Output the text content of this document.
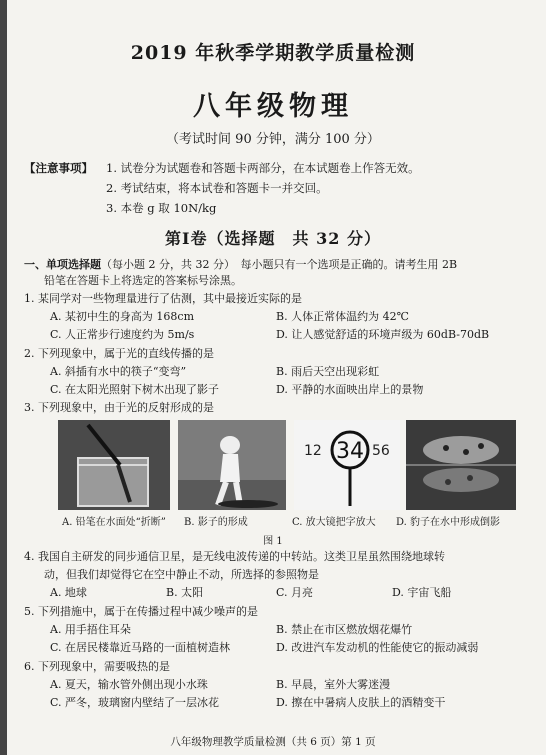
2019 年秋季学期教学质量检测
八年级物理
（考试时间 90 分钟，满分 100 分）
【注意事项】 1. 试卷分为试题卷和答题卡两部分，在本试题卷上作答无效。
2. 考试结束，将本试卷和答题卡一并交回。
3. 本卷 g 取 10N/kg
第Ⅰ卷（选择题　共 32 分）
一、单项选择题（每小题 2 分，共 32 分）　每小题只有一个选项是正确的。请考生用 2B
铅笔在答题卡上将选定的答案标号涂黑。
1. 某同学对一些物理量进行了估测，其中最接近实际的是
A. 某初中生的身高为 168cm	B. 人体正常体温约为 42℃
C. 人正常步行速度约为 5m/s	D. 让人感觉舒适的环境声级为 60dB-70dB
2. 下列现象中，属于光的直线传播的是
A. 斜插有水中的筷子“变弯”	B. 雨后天空出现彩虹
C. 在太阳光照射下树木出现了影子	D. 平静的水面映出岸上的景物
3. 下列现象中，由于光的反射形成的是
12 34 56
A. 铅笔在水面处“折断” B. 影子的形成	C. 放大镜把字放大 D. 豹子在水中形成倒影
图 1
4. 我国自主研发的同步通信卫星，是无线电波传递的中转站。这类卫星虽然围绕地球转
动，但我们却觉得它在空中静止不动，所选择的参照物是
A. 地球	B. 太阳	C. 月亮	D. 宇宙飞船
5. 下列措施中，属于在传播过程中减少噪声的是
A. 用手捂住耳朵	B. 禁止在市区燃放烟花爆竹
C. 在居民楼靠近马路的一面植树造林	D. 改进汽车发动机的性能使它的振动减弱
6. 下列现象中，需要吸热的是
A. 夏天，输水管外侧出现小水珠	B. 早晨，室外大雾迷漫
C. 严冬，玻璃窗内壁结了一层冰花	D. 擦在中暑病人皮肤上的酒精变干
八年级物理教学质量检测（共 6 页）第 1 页
